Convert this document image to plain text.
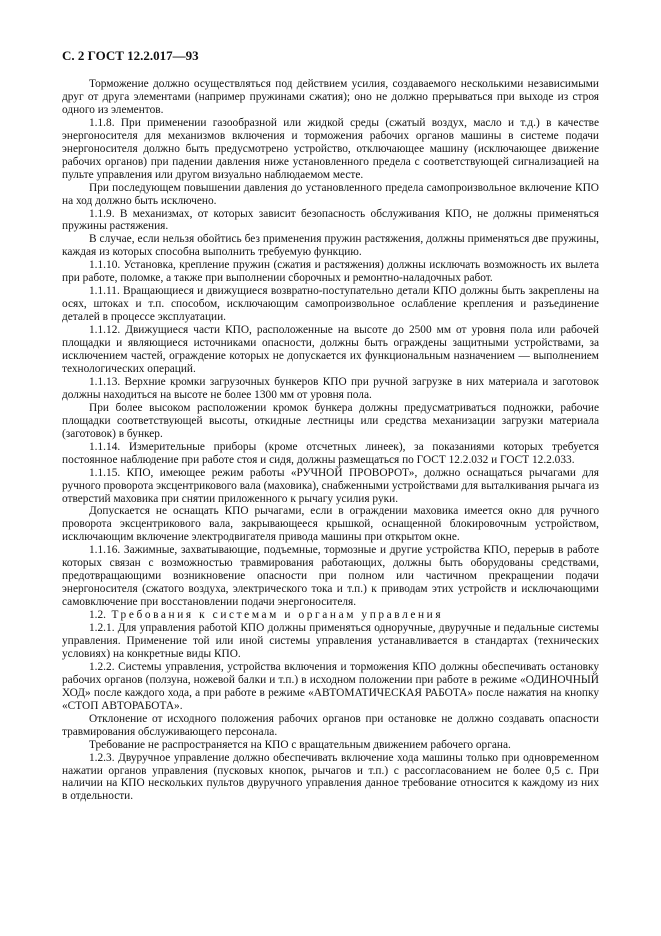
С. 2 ГОСТ 12.2.017—93

Торможение должно осуществляться под действием усилия, создаваемого несколькими независимыми друг от друга элементами (например пружинами сжатия); оно не должно прерываться при выходе из строя одного из элементов.

1.1.8. При применении газообразной или жидкой среды (сжатый воздух, масло и т.д.) в качестве энергоносителя для механизмов включения и торможения рабочих органов машины в системе подачи энергоносителя должно быть предусмотрено устройство, отключающее машину (исключающее движение рабочих органов) при падении давления ниже установленного предела с соответствующей сигнализацией на пульте управления или другом визуально наблюдаемом месте.

При последующем повышении давления до установленного предела самопроизвольное включение КПО на ход должно быть исключено.

1.1.9. В механизмах, от которых зависит безопасность обслуживания КПО, не должны применяться пружины растяжения.

В случае, если нельзя обойтись без применения пружин растяжения, должны применяться две пружины, каждая из которых способна выполнить требуемую функцию.

1.1.10. Установка, крепление пружин (сжатия и растяжения) должны исключать возможность их вылета при работе, поломке, а также при выполнении сборочных и ремонтно-наладочных работ.

1.1.11. Вращающиеся и движущиеся возвратно-поступательно детали КПО должны быть закреплены на осях, штоках и т.п. способом, исключающим самопроизвольное ослабление крепления и разъединение деталей в процессе эксплуатации.

1.1.12. Движущиеся части КПО, расположенные на высоте до 2500 мм от уровня пола или рабочей площадки и являющиеся источниками опасности, должны быть ограждены защитными устройствами, за исключением частей, ограждение которых не допускается их функциональным назначением — выполнением технологических операций.

1.1.13. Верхние кромки загрузочных бункеров КПО при ручной загрузке в них материала и заготовок должны находиться на высоте не более 1300 мм от уровня пола.

При более высоком расположении кромок бункера должны предусматриваться подножки, рабочие площадки соответствующей высоты, откидные лестницы или средства механизации загрузки материала (заготовок) в бункер.

1.1.14. Измерительные приборы (кроме отсчетных линеек), за показаниями которых требуется постоянное наблюдение при работе стоя и сидя, должны размещаться по ГОСТ 12.2.032 и ГОСТ 12.2.033.

1.1.15. КПО, имеющее режим работы «РУЧНОЙ ПРОВОРОТ», должно оснащаться рычагами для ручного проворота эксцентрикового вала (маховика), снабженными устройствами для выталкивания рычага из отверстий маховика при снятии приложенного к рычагу усилия руки.

Допускается не оснащать КПО рычагами, если в ограждении маховика имеется окно для ручного проворота эксцентрикового вала, закрывающееся крышкой, оснащенной блокировочным устройством, исключающим включение электродвигателя привода машины при открытом окне.

1.1.16. Зажимные, захватывающие, подъемные, тормозные и другие устройства КПО, перерыв в работе которых связан с возможностью травмирования работающих, должны быть оборудованы средствами, предотвращающими возникновение опасности при полном или частичном прекращении подачи энергоносителя (сжатого воздуха, электрического тока и т.п.) к приводам этих устройств и исключающими самовключение при восстановлении подачи энергоносителя.

1.2. Требования к системам и органам управления

1.2.1. Для управления работой КПО должны применяться одноручные, двуручные и педальные системы управления. Применение той или иной системы управления устанавливается в стандартах (технических условиях) на конкретные виды КПО.

1.2.2. Системы управления, устройства включения и торможения КПО должны обеспечивать остановку рабочих органов (ползуна, ножевой балки и т.п.) в исходном положении при работе в режиме «ОДИНОЧНЫЙ ХОД» после каждого хода, а при работе в режиме «АВТОМАТИЧЕСКАЯ РАБОТА» после нажатия на кнопку «СТОП АВТОРАБОТА».

Отклонение от исходного положения рабочих органов при остановке не должно создавать опасности травмирования обслуживающего персонала.

Требование не распространяется на КПО с вращательным движением рабочего органа.

1.2.3. Двуручное управление должно обеспечивать включение хода машины только при одновременном нажатии органов управления (пусковых кнопок, рычагов и т.п.) с рассогласованием не более 0,5 с. При наличии на КПО нескольких пультов двуручного управления данное требование относится к каждому из них в отдельности.
